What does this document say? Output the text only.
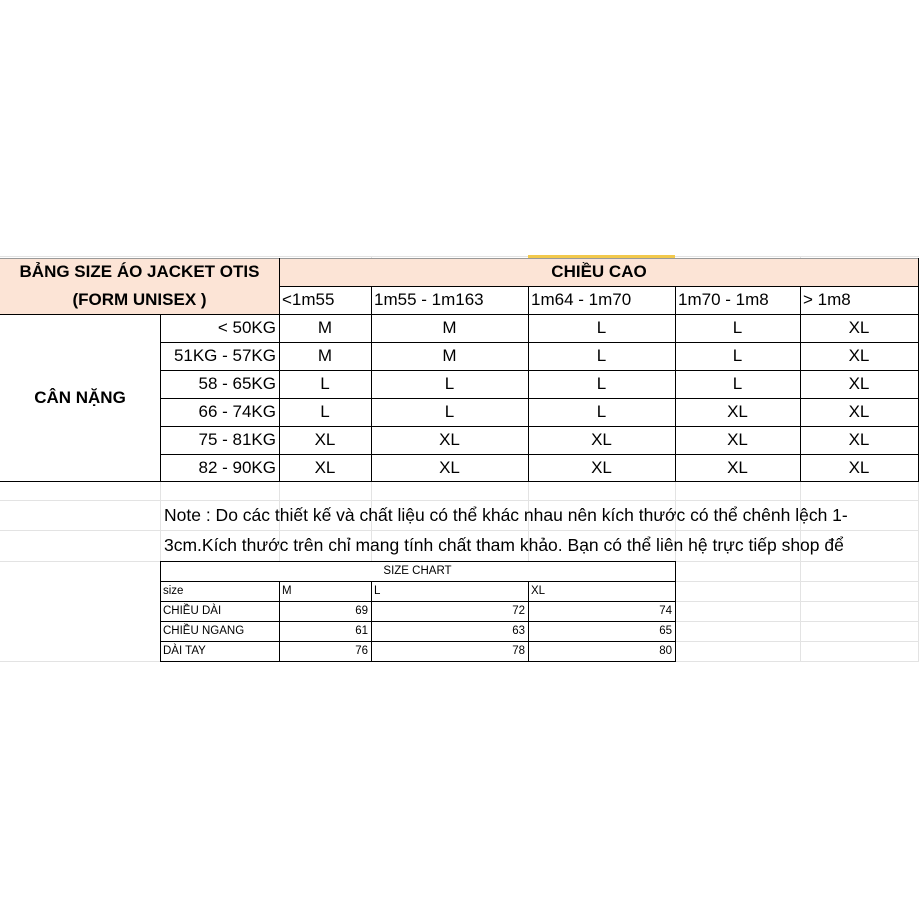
BẢNG SIZE ÁO JACKET OTIS
(FORM UNISEX )
CHIỀU CAO
<1m55	1m55 - 1m163	1m64 - 1m70	1m70 - 1m8	> 1m8
CÂN NẶNG
< 50KG	M	M	L	L	XL
51KG - 57KG	M	M	L	L	XL
58 - 65KG	L	L	L	L	XL
66 - 74KG	L	L	L	XL	XL
75 - 81KG	XL	XL	XL	XL	XL
82 - 90KG	XL	XL	XL	XL	XL
Note : Do các thiết kế và chất liệu có thể khác nhau nên kích thước có thể chênh lệch 1-
3cm.Kích thước trên chỉ mang tính chất tham khảo. Bạn có thể liên hệ trực tiếp shop để
SIZE CHART
size	M	L	XL
CHIỀU DÀI	69	72	74
CHIỀU NGANG	61	63	65
DÀI TAY	76	78	80
